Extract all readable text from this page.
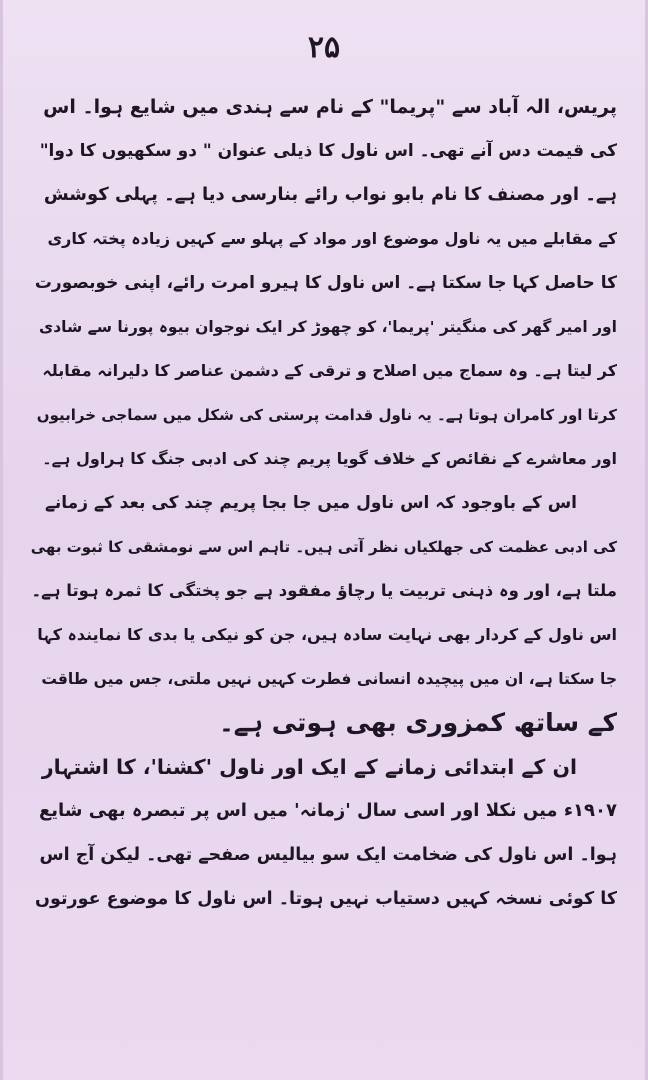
۲۵
پریس، الہ آباد سے "پریما" کے نام سے ہندی میں شایع ہوا۔ اس
کی قیمت دس آنے تھی۔ اس ناول کا ذیلی عنوان " دو سکھیوں کا دوا"
ہے۔ اور مصنف کا نام بابو نواب رائے بنارسی دیا ہے۔ پہلی کوشش
کے مقابلے میں یہ ناول موضوع اور مواد کے پہلو سے کہیں زیادہ پختہ کاری
کا حاصل کہا جا سکتا ہے۔ اس ناول کا ہیرو امرت رائے، اپنی خوبصورت
اور امیر گھر کی منگیتر 'پریما'، کو چھوڑ کر ایک نوجوان بیوہ پورنا سے شادی
کر لیتا ہے۔ وہ سماج میں اصلاح و ترقی کے دشمن عناصر کا دلیرانہ مقابلہ
کرتا اور کامران ہوتا ہے۔ یہ ناول قدامت پرستی کی شکل میں سماجی خرابیوں
اور معاشرے کے نقائص کے خلاف گویا پریم چند کی ادبی جنگ کا ہراول ہے۔
اس کے باوجود کہ اس ناول میں جا بجا پریم چند کی بعد کے زمانے
کی ادبی عظمت کی جھلکیاں نظر آتی ہیں۔ تاہم اس سے نومشقی کا ثبوت بھی
ملتا ہے، اور وہ ذہنی تربیت یا رچاؤ مفقود ہے جو پختگی کا ثمرہ ہوتا ہے۔
اس ناول کے کردار بھی نہایت سادہ ہیں، جن کو نیکی یا بدی کا نمایندہ کہا
جا سکتا ہے، ان میں پیچیدہ انسانی فطرت کہیں نہیں ملتی، جس میں طاقت
کے ساتھ کمزوری بھی ہوتی ہے۔
ان کے ابتدائی زمانے کے ایک اور ناول 'کشنا'، کا اشتہار
۱۹۰۷ء میں نکلا اور اسی سال 'زمانہ' میں اس پر تبصرہ بھی شایع
ہوا۔ اس ناول کی ضخامت ایک سو بیالیس صفحے تھی۔ لیکن آج اس
کا کوئی نسخہ کہیں دستیاب نہیں ہوتا۔ اس ناول کا موضوع عورتوں
